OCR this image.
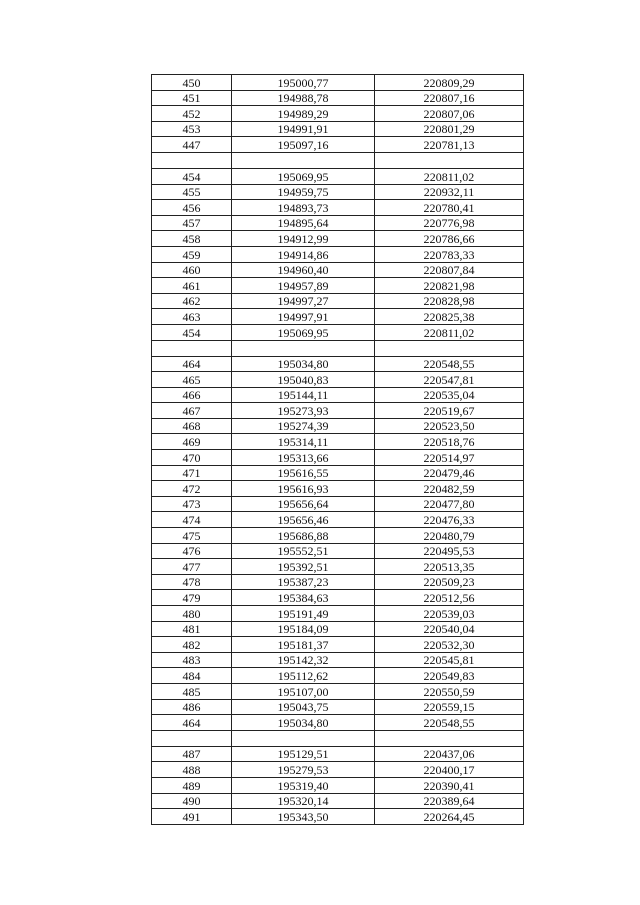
450	195000,77	220809,29
451	194988,78	220807,16
452	194989,29	220807,06
453	194991,91	220801,29
447	195097,16	220781,13

454	195069,95	220811,02
455	194959,75	220932,11
456	194893,73	220780,41
457	194895,64	220776,98
458	194912,99	220786,66
459	194914,86	220783,33
460	194960,40	220807,84
461	194957,89	220821,98
462	194997,27	220828,98
463	194997,91	220825,38
454	195069,95	220811,02

464	195034,80	220548,55
465	195040,83	220547,81
466	195144,11	220535,04
467	195273,93	220519,67
468	195274,39	220523,50
469	195314,11	220518,76
470	195313,66	220514,97
471	195616,55	220479,46
472	195616,93	220482,59
473	195656,64	220477,80
474	195656,46	220476,33
475	195686,88	220480,79
476	195552,51	220495,53
477	195392,51	220513,35
478	195387,23	220509,23
479	195384,63	220512,56
480	195191,49	220539,03
481	195184,09	220540,04
482	195181,37	220532,30
483	195142,32	220545,81
484	195112,62	220549,83
485	195107,00	220550,59
486	195043,75	220559,15
464	195034,80	220548,55

487	195129,51	220437,06
488	195279,53	220400,17
489	195319,40	220390,41
490	195320,14	220389,64
491	195343,50	220264,45
